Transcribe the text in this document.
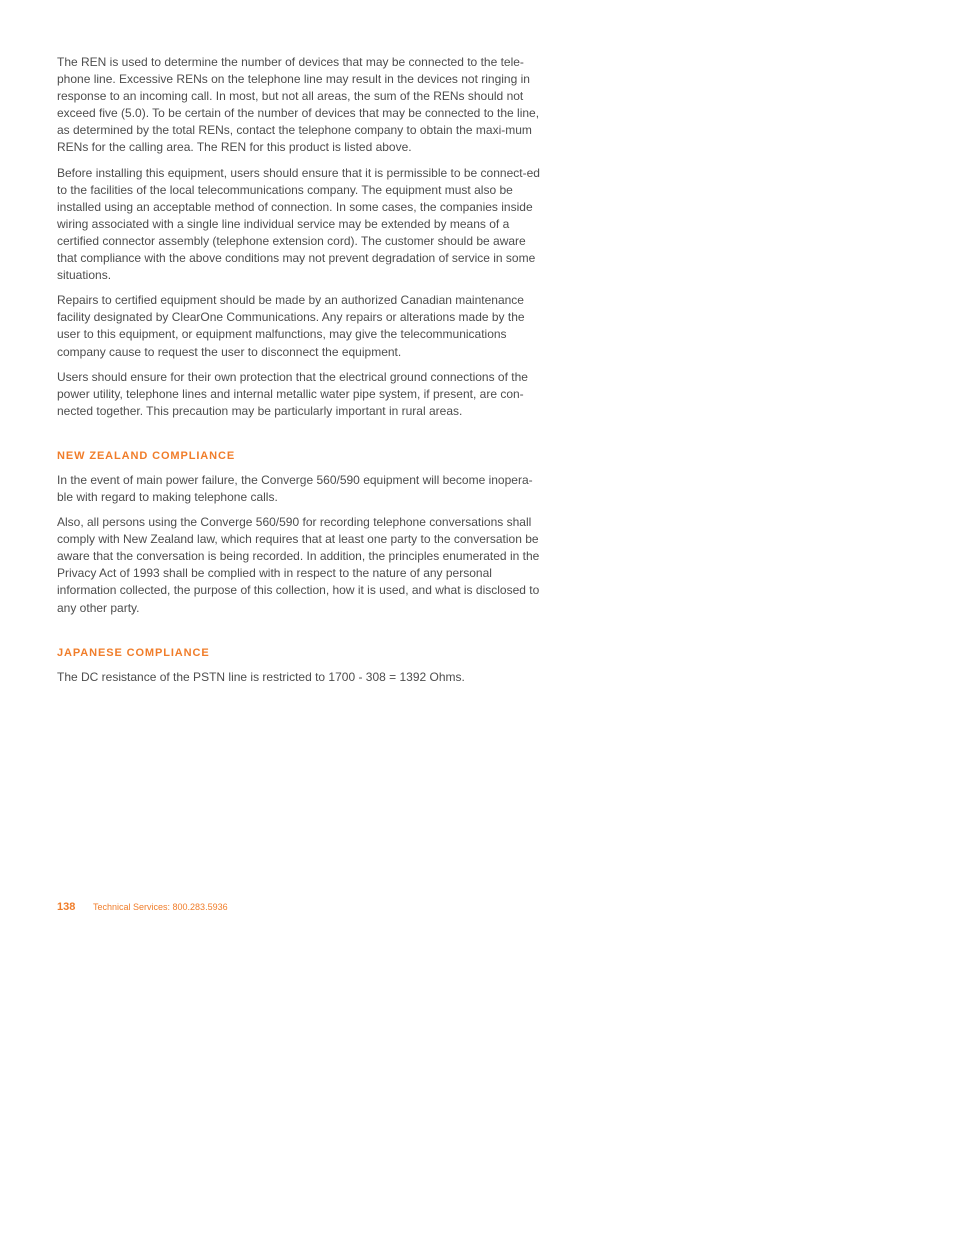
The REN is used to determine the number of devices that may be connected to the tele-phone line. Excessive RENs on the telephone line may result in the devices not ringing in response to an incoming call. In most, but not all areas, the sum of the RENs should not exceed five (5.0). To be certain of the number of devices that may be connected to the line, as determined by the total RENs, contact the telephone company to obtain the maxi-mum RENs for the calling area. The REN for this product is listed above.

Before installing this equipment, users should ensure that it is permissible to be connect-ed to the facilities of the local telecommunications company. The equipment must also be installed using an acceptable method of connection. In some cases, the companies inside wiring associated with a single line individual service may be extended by means of a certified connector assembly (telephone extension cord). The customer should be aware that compliance with the above conditions may not prevent degradation of service in some situations.

Repairs to certified equipment should be made by an authorized Canadian maintenance facility designated by ClearOne Communications. Any repairs or alterations made by the user to this equipment, or equipment malfunctions, may give the telecommunications company cause to request the user to disconnect the equipment.

Users should ensure for their own protection that the electrical ground connections of the power utility, telephone lines and internal metallic water pipe system, if present, are con-nected together. This precaution may be particularly important in rural areas.

NEW ZEALAND COMPLIANCE

In the event of main power failure, the Converge 560/590 equipment will become inopera-ble with regard to making telephone calls.

Also, all persons using the Converge 560/590 for recording telephone conversations shall comply with New Zealand law, which requires that at least one party to the conversation be aware that the conversation is being recorded. In addition, the principles enumerated in the Privacy Act of 1993 shall be complied with in respect to the nature of any personal information collected, the purpose of this collection, how it is used, and what is disclosed to any other party.

JAPANESE COMPLIANCE

The DC resistance of the PSTN line is restricted to 1700 - 308 = 1392 Ohms.

138	Technical Services: 800.283.5936
